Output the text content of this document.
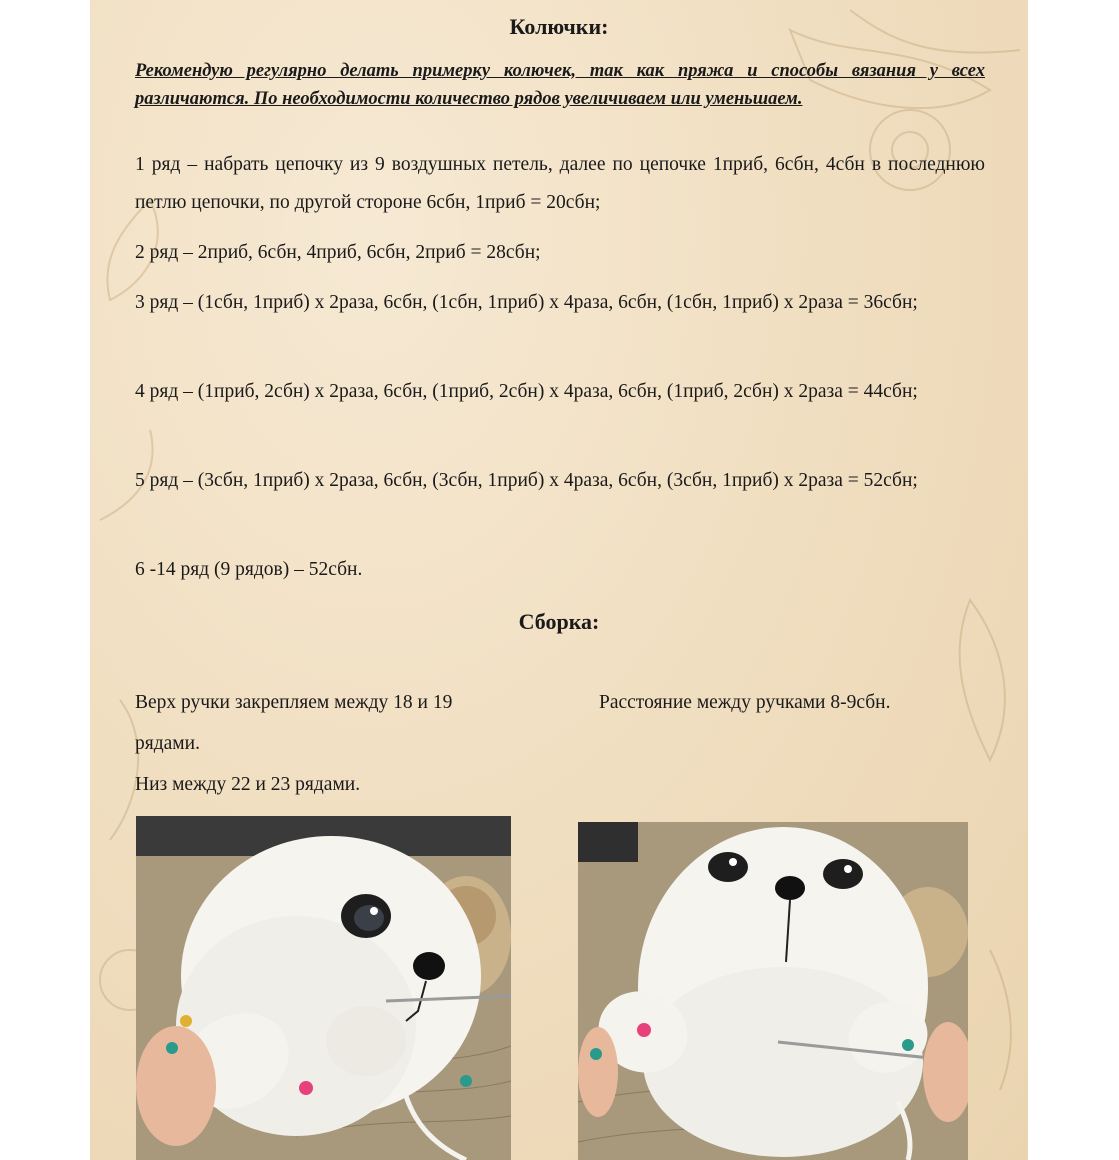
Колючки:
Рекомендую регулярно делать примерку колючек, так как пряжа и способы вязания у всех различаются. По необходимости количество рядов увеличиваем или уменьшаем.
1 ряд – набрать цепочку из 9 воздушных петель, далее по цепочке 1приб, 6сбн, 4сбн в последнюю петлю цепочки, по другой стороне 6сбн, 1приб = 20сбн;
2 ряд – 2приб, 6сбн, 4приб, 6сбн, 2приб = 28сбн;
3 ряд – (1сбн, 1приб) х 2раза, 6сбн, (1сбн, 1приб) х 4раза, 6сбн, (1сбн, 1приб) х 2раза = 36сбн;
4 ряд – (1приб, 2сбн) х 2раза, 6сбн, (1приб, 2сбн) х 4раза, 6сбн, (1приб, 2сбн) х 2раза = 44сбн;
5 ряд – (3сбн, 1приб) х 2раза, 6сбн, (3сбн, 1приб) х 4раза, 6сбн, (3сбн, 1приб) х 2раза = 52сбн;
6 -14 ряд (9 рядов) – 52сбн.
Сборка:
Верх ручки закрепляем между 18 и 19
рядами.
Низ между 22 и 23 рядами.
Расстояние между ручками 8-9сбн.
